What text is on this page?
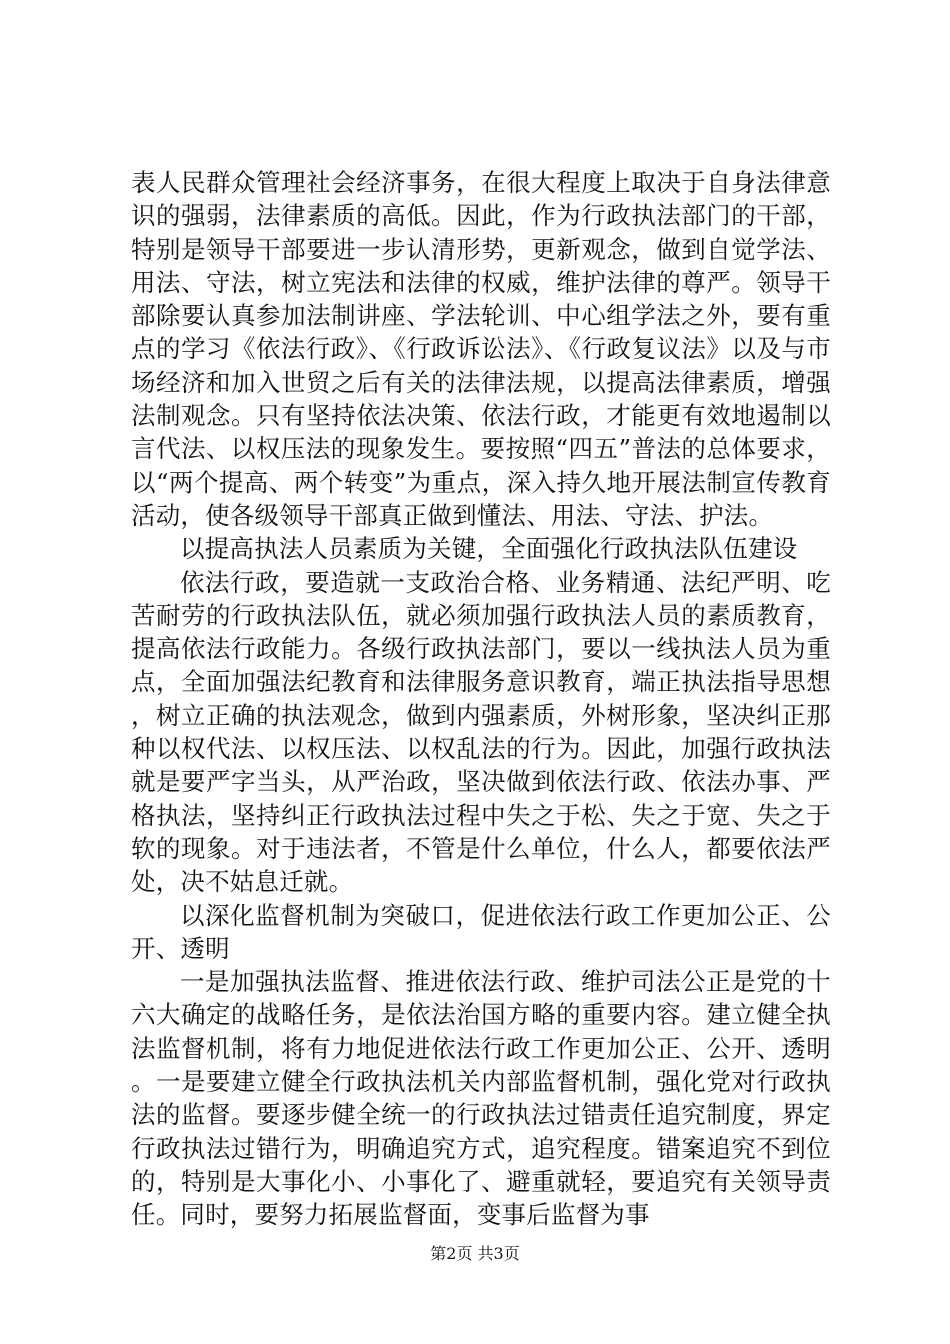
表人民群众管理社会经济事务，在很大程度上取决于自身法律意识的强弱，法律素质的高低。因此，作为行政执法部门的干部，特别是领导干部要进一步认清形势，更新观念，做到自觉学法、用法、守法，树立宪法和法律的权威，维护法律的尊严。领导干部除要认真参加法制讲座、学法轮训、中心组学法之外，要有重点的学习《依法行政》、《行政诉讼法》、《行政复议法》以及与市场经济和加入世贸之后有关的法律法规，以提高法律素质，增强法制观念。只有坚持依法决策、依法行政，才能更有效地遏制以言代法、以权压法的现象发生。要按照“四五”普法的总体要求，以“两个提高、两个转变”为重点，深入持久地开展法制宣传教育活动，使各级领导干部真正做到懂法、用法、守法、护法。

以提高执法人员素质为关键，全面强化行政执法队伍建设

依法行政，要造就一支政治合格、业务精通、法纪严明、吃苦耐劳的行政执法队伍，就必须加强行政执法人员的素质教育，提高依法行政能力。各级行政执法部门，要以一线执法人员为重点，全面加强法纪教育和法律服务意识教育，端正执法指导思想，树立正确的执法观念，做到内强素质，外树形象，坚决纠正那种以权代法、以权压法、以权乱法的行为。因此，加强行政执法就是要严字当头，从严治政，坚决做到依法行政、依法办事、严格执法，坚持纠正行政执法过程中失之于松、失之于宽、失之于软的现象。对于违法者，不管是什么单位，什么人，都要依法严处，决不姑息迁就。

以深化监督机制为突破口，促进依法行政工作更加公正、公开、透明

一是加强执法监督、推进依法行政、维护司法公正是党的十六大确定的战略任务，是依法治国方略的重要内容。建立健全执法监督机制，将有力地促进依法行政工作更加公正、公开、透明。一是要建立健全行政执法机关内部监督机制，强化党对行政执法的监督。要逐步健全统一的行政执法过错责任追究制度，界定行政执法过错行为，明确追究方式，追究程度。错案追究不到位的，特别是大事化小、小事化了、避重就轻，要追究有关领导责任。同时，要努力拓展监督面，变事后监督为事

第2页 共3页
